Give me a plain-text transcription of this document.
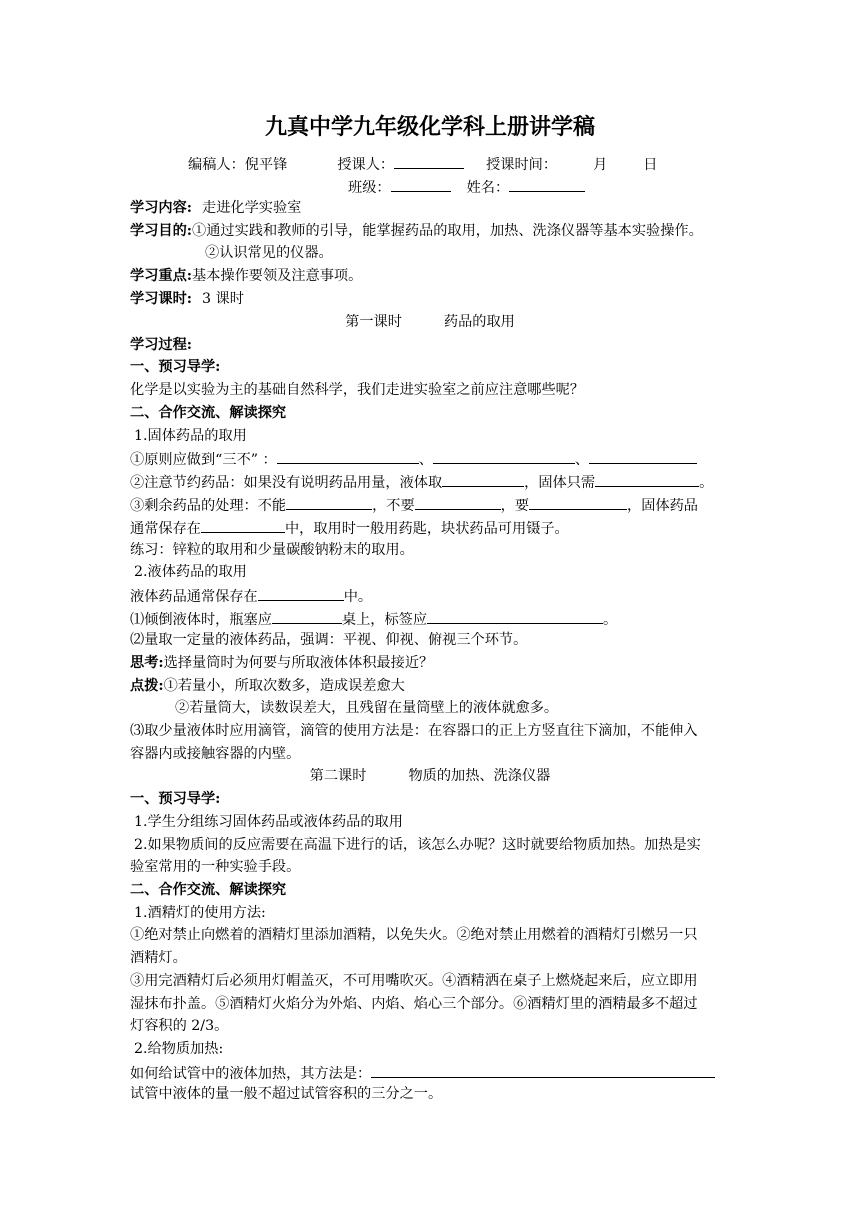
九真中学九年级化学科上册讲学稿
编稿人：倪平锋	授课人：	授课时间：	月	日
班级：	姓名：
学习内容: 走进化学实验室
学习目的:①通过实践和教师的引导，能掌握药品的取用，加热、洗涤仪器等基本实验操作。
②认识常见的仪器。
学习重点:基本操作要领及注意事项。
学习课时: 3 课时
第一课时	药品的取用
学习过程:
一、预习导学:
化学是以实验为主的基础自然科学，我们走进实验室之前应注意哪些呢？
二、合作交流、解读探究
1.固体药品的取用
①原则应做到“三不” ：	、	、
②注意节约药品：如果没有说明药品用量，液体取	，固体只需	。
③剩余药品的处理：不能	，不要	，要	，固体药品
通常保存在	中，取用时一般用药匙，块状药品可用镊子。
练习：锌粒的取用和少量碳酸钠粉末的取用。
2.液体药品的取用
液体药品通常保存在	中。
⑴倾倒液体时，瓶塞应	桌上，标签应	。
⑵量取一定量的液体药品，强调：平视、仰视、俯视三个环节。
思考:选择量筒时为何要与所取液体体积最接近？
点拨:①若量小，所取次数多，造成误差愈大
②若量筒大，读数误差大，且残留在量筒壁上的液体就愈多。
⑶取少量液体时应用滴管，滴管的使用方法是：在容器口的正上方竖直往下滴加，不能伸入
容器内或接触容器的内壁。
第二课时	物质的加热、洗涤仪器
一、预习导学:
1.学生分组练习固体药品或液体药品的取用
2.如果物质间的反应需要在高温下进行的话，该怎么办呢？这时就要给物质加热。加热是实
验室常用的一种实验手段。
二、合作交流、解读探究
1.酒精灯的使用方法:
①绝对禁止向燃着的酒精灯里添加酒精，以免失火。②绝对禁止用燃着的酒精灯引燃另一只
酒精灯。
③用完酒精灯后必须用灯帽盖灭，不可用嘴吹灭。④酒精洒在桌子上燃烧起来后，应立即用
湿抹布扑盖。⑤酒精灯火焰分为外焰、内焰、焰心三个部分。⑥酒精灯里的酒精最多不超过
灯容积的 2/3。
2.给物质加热:
如何给试管中的液体加热，其方法是：
试管中液体的量一般不超过试管容积的三分之一。
